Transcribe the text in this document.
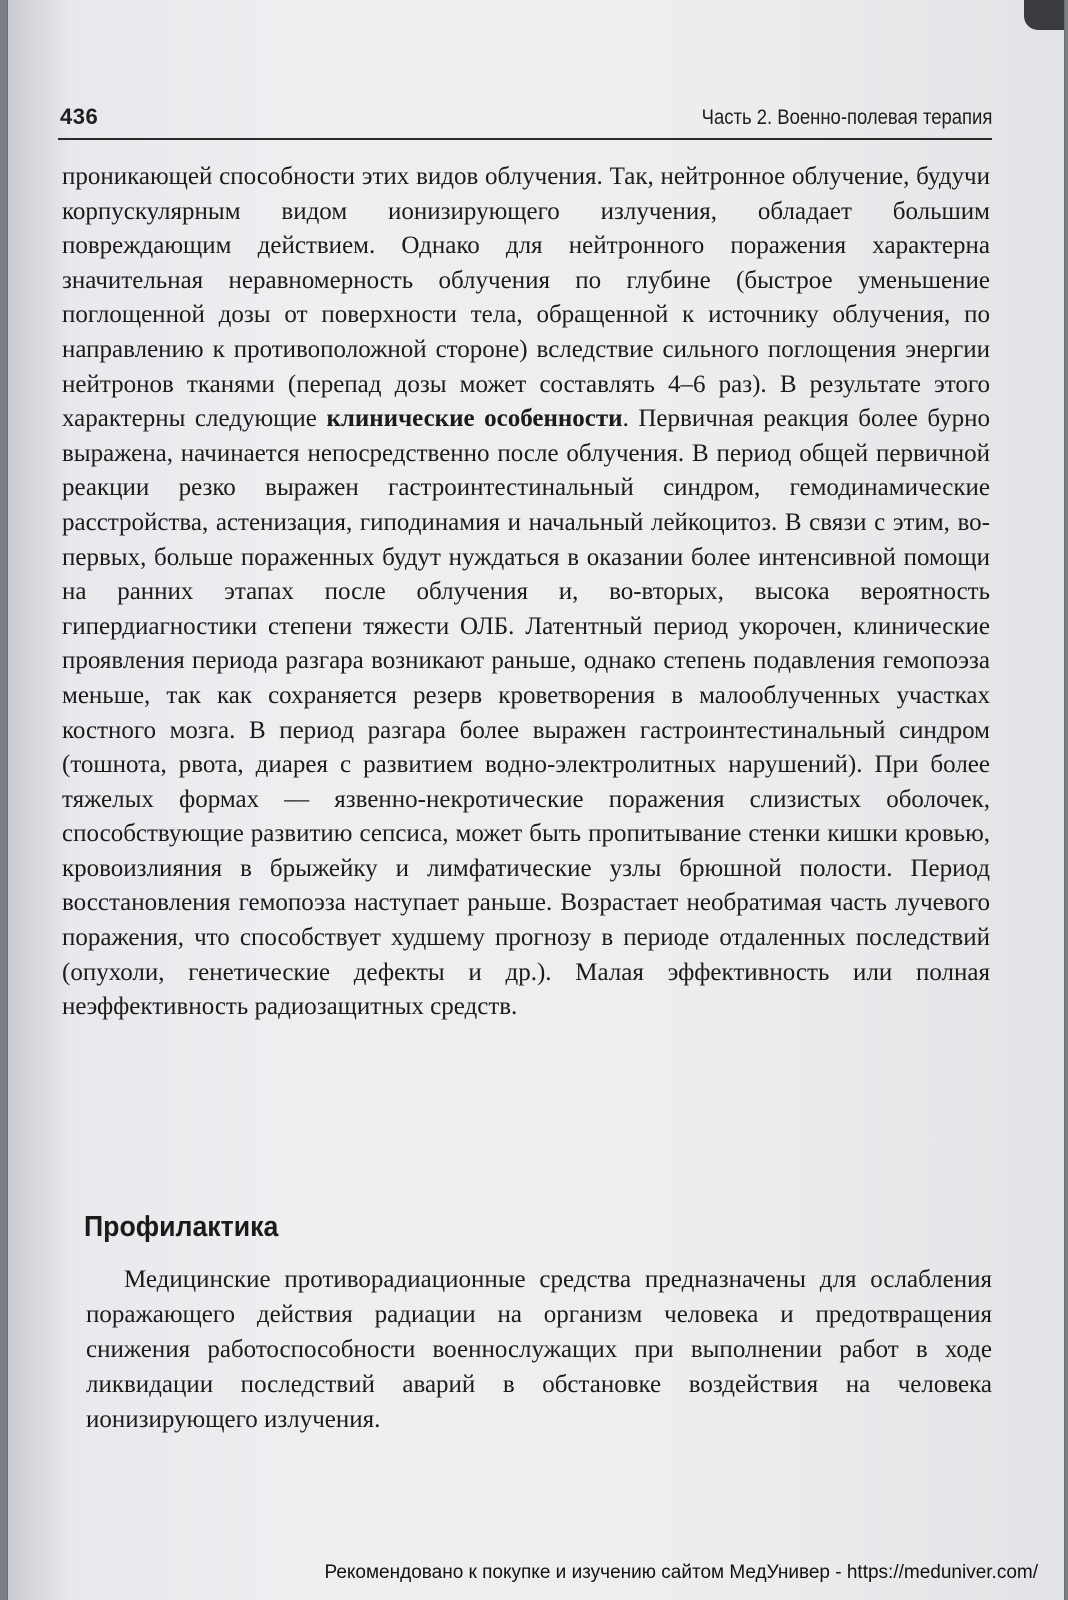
436	Часть 2. Военно-полевая терапия

проникающей способности этих видов облучения. Так, нейтронное облучение, будучи корпускулярным видом ионизирующего излучения, обладает большим повреждающим действием. Однако для нейтронного поражения характерна значительная неравномерность облучения по глубине (быстрое уменьшение поглощенной дозы от поверхности тела, обращенной к источнику облучения, по направлению к противоположной стороне) вследствие сильного поглощения энергии нейтронов тканями (перепад дозы может составлять 4–6 раз). В результате этого характерны следующие клинические особенности. Первичная реакция более бурно выражена, начинается непосредственно после облучения. В период общей первичной реакции резко выражен гастроинтестинальный синдром, гемодинамические расстройства, астенизация, гиподинамия и начальный лейкоцитоз. В связи с этим, во-первых, больше пораженных будут нуждаться в оказании более интенсивной помощи на ранних этапах после облучения и, во-вторых, высока вероятность гипердиагностики степени тяжести ОЛБ. Латентный период укорочен, клинические проявления периода разгара возникают раньше, однако степень подавления гемопоэза меньше, так как сохраняется резерв кроветворения в малооблученных участках костного мозга. В период разгара более выражен гастроинтестинальный синдром (тошнота, рвота, диарея с развитием водно-электролитных нарушений). При более тяжелых формах — язвенно-некротические поражения слизистых оболочек, способствующие развитию сепсиса, может быть пропитывание стенки кишки кровью, кровоизлияния в брыжейку и лимфатические узлы брюшной полости. Период восстановления гемопоэза наступает раньше. Возрастает необратимая часть лучевого поражения, что способствует худшему прогнозу в периоде отдаленных последствий (опухоли, генетические дефекты и др.). Малая эффективность или полная неэффективность радиозащитных средств.

Профилактика

Медицинские противорадиационные средства предназначены для ослабления поражающего действия радиации на организм человека и предотвращения снижения работоспособности военнослужащих при выполнении работ в ходе ликвидации последствий аварий в обстановке воздействия на человека ионизирующего излучения.

Рекомендовано к покупке и изучению сайтом МедУнивер - https://meduniver.com/
